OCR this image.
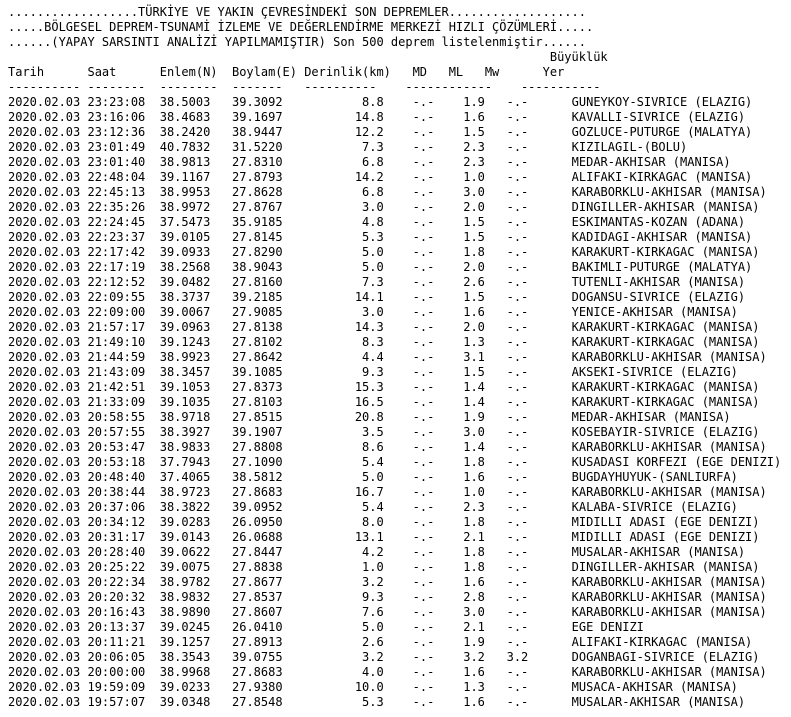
..................TÜRKİYE VE YAKIN ÇEVRESİNDEKİ SON DEPREMLER...................
.....BÖLGESEL DEPREM-TSUNAMİ İZLEME VE DEĞERLENDİRME MERKEZİ HIZLI ÇÖZÜMLERİ.....
......(YAPAY SARSINTI ANALİZİ YAPILMAMIŞTIR) Son 500 deprem listelenmiştir......
Büyüklük
Tarih      Saat      Enlem(N)  Boylam(E) Derinlik(km)   MD   ML   Mw      Yer
---------- --------  --------  -------   ----------    ------------    -----------
2020.02.03 23:23:08 38.5003 39.3092           8.8 -.- 1.9 -.-	GUNEYKOY-SIVRICE (ELAZIG)
2020.02.03 23:16:06 38.4683 39.1697          14.8 -.- 1.6 -.-	KAVALLI-SIVRICE (ELAZIG)
2020.02.03 23:12:36 38.2420 38.9447          12.2 -.- 1.5 -.-	GOZLUCE-PUTURGE (MALATYA)
2020.02.03 23:01:49 40.7832 31.5220           7.3 -.- 2.3 -.-	KIZILAGIL-(BOLU)
2020.02.03 23:01:40 38.9813 27.8310           6.8 -.- 2.3 -.-	MEDAR-AKHISAR (MANISA)
2020.02.03 22:48:04 39.1167 27.8793          14.2 -.- 1.0 -.-	ALIFAKI-KIRKAGAC (MANISA)
2020.02.03 22:45:13 38.9953 27.8628           6.8 -.- 3.0 -.-	KARABORKLU-AKHISAR (MANISA)
2020.02.03 22:35:26 38.9972 27.8767           3.0 -.- 2.0 -.-	DINGILLER-AKHISAR (MANISA)
2020.02.03 22:24:45 37.5473 35.9185           4.8 -.- 1.5 -.-	ESKIMANTAS-KOZAN (ADANA)
2020.02.03 22:23:37 39.0105 27.8145           5.3 -.- 1.5 -.-	KADIDAGI-AKHISAR (MANISA)
2020.02.03 22:17:42 39.0933 27.8290           5.0 -.- 1.8 -.-	KARAKURT-KIRKAGAC (MANISA)
2020.02.03 22:17:19 38.2568 38.9043           5.0 -.- 2.0 -.-	BAKIMLI-PUTURGE (MALATYA)
2020.02.03 22:12:52 39.0482 27.8160           7.3 -.- 2.6 -.-	TUTENLI-AKHISAR (MANISA)
2020.02.03 22:09:55 38.3737 39.2185          14.1 -.- 1.5 -.-	DOGANSU-SIVRICE (ELAZIG)
2020.02.03 22:09:00 39.0067 27.9085           3.0 -.- 1.6 -.-	YENICE-AKHISAR (MANISA)
2020.02.03 21:57:17 39.0963 27.8138          14.3 -.- 2.0 -.-	KARAKURT-KIRKAGAC (MANISA)
2020.02.03 21:49:10 39.1243 27.8102           8.3 -.- 1.3 -.-	KARAKURT-KIRKAGAC (MANISA)
2020.02.03 21:44:59 38.9923 27.8642           4.4 -.- 3.1 -.-	KARABORKLU-AKHISAR (MANISA)
2020.02.03 21:43:09 38.3457 39.1085           9.3 -.- 1.5 -.-	AKSEKI-SIVRICE (ELAZIG)
2020.02.03 21:42:51 39.1053 27.8373          15.3 -.- 1.4 -.-	KARAKURT-KIRKAGAC (MANISA)
2020.02.03 21:33:09 39.1035 27.8103          16.5 -.- 1.4 -.-	KARAKURT-KIRKAGAC (MANISA)
2020.02.03 20:58:55 38.9718 27.8515          20.8 -.- 1.9 -.-	MEDAR-AKHISAR (MANISA)
2020.02.03 20:57:55 38.3927 39.1907           3.5 -.- 3.0 -.-	KOSEBAYIR-SIVRICE (ELAZIG)
2020.02.03 20:53:47 38.9833 27.8808           8.6 -.- 1.4 -.-	KARABORKLU-AKHISAR (MANISA)
2020.02.03 20:53:18 37.7943 27.1090           5.4 -.- 1.8 -.-	KUSADASI KORFEZI (EGE DENIZI)
2020.02.03 20:48:40 37.4065 38.5812           5.0 -.- 1.6 -.-	BUGDAYHUYUK-(SANLIURFA)
2020.02.03 20:38:44 38.9723 27.8683          16.7 -.- 1.0 -.-	KARABORKLU-AKHISAR (MANISA)
2020.02.03 20:37:06 38.3822 39.0952           5.4 -.- 2.3 -.-	KALABA-SIVRICE (ELAZIG)
2020.02.03 20:34:12 39.0283 26.0950           8.0 -.- 1.8 -.-	MIDILLI ADASI (EGE DENIZI)
2020.02.03 20:31:17 39.0143 26.0688          13.1 -.- 2.1 -.-	MIDILLI ADASI (EGE DENIZI)
2020.02.03 20:28:40 39.0622 27.8447           4.2 -.- 1.8 -.-	MUSALAR-AKHISAR (MANISA)
2020.02.03 20:25:22 39.0075 27.8838           1.0 -.- 1.8 -.-	DINGILLER-AKHISAR (MANISA)
2020.02.03 20:22:34 38.9782 27.8677           3.2 -.- 1.6 -.-	KARABORKLU-AKHISAR (MANISA)
2020.02.03 20:20:32 38.9832 27.8537           9.3 -.- 2.8 -.-	KARABORKLU-AKHISAR (MANISA)
2020.02.03 20:16:43 38.9890 27.8607           7.6 -.- 3.0 -.-	KARABORKLU-AKHISAR (MANISA)
2020.02.03 20:13:37 39.0245 26.0410           5.0 -.- 2.1 -.-	EGE DENIZI
2020.02.03 20:11:21 39.1257 27.8913           2.6 -.- 1.9 -.-	ALIFAKI-KIRKAGAC (MANISA)
2020.02.03 20:06:05 38.3543 39.0755           3.2 -.- 3.2 3.2	DOGANBAGI-SIVRICE (ELAZIG)
2020.02.03 20:00:00 38.9968 27.8683           4.0 -.- 1.6 -.-	KARABORKLU-AKHISAR (MANISA)
2020.02.03 19:59:09 39.0233 27.9380          10.0 -.- 1.3 -.-	MUSACA-AKHISAR (MANISA)
2020.02.03 19:57:07 39.0348 27.8548           5.3 -.- 1.6 -.-	MUSALAR-AKHISAR (MANISA)
